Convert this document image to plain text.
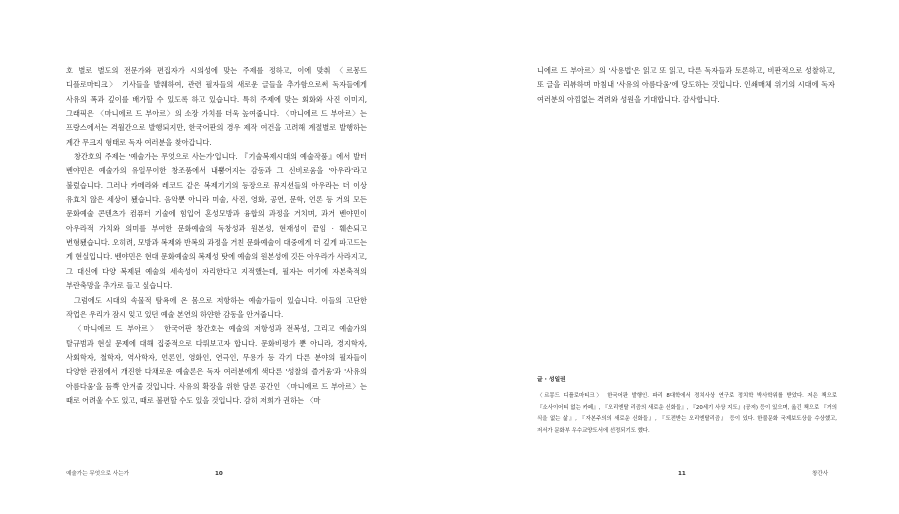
호 별로 별도의 전문가와 편집자가 시의성에 맞는 주제를 정하고, 이에 맞춰 〈르몽드 디플로마티크〉 기사들을 발췌하여, 관련 필자들의 새로운 글들을 추가함으로써 독자들에게 사유의 폭과 깊이를 배가할 수 있도록 하고 있습니다. 특히 주제에 맞는 회화와 사진 이미지, 그래픽은 〈마니에르 드 부아르〉의 소장 가치를 더욱 높여줍니다. 〈마니에르 드 부아르〉는 프랑스에서는 격월간으로 발행되지만, 한국어판의 경우 제작 여건을 고려해 계절별로 발행하는 계간 무크지 형태로 독자 여러분을 찾아갑니다.

창간호의 주제는 '예술가는 무엇으로 사는가'입니다. 『기술복제시대의 예술작품』에서 발터 벤야민은 예술가의 유일무이한 창조품에서 내뿜어지는 감동과 그 신비로움을 '아우라'라고 불렀습니다. 그러나 카메라와 레코드 같은 복제기기의 등장으로 뮤지션들의 아우라는 더 이상 유효치 않은 세상이 됐습니다. 음악뿐 아니라 미술, 사진, 영화, 공연, 문학, 언론 등 거의 모든 문화예술 콘텐츠가 컴퓨터 기술에 힘입어 혼성모방과 융합의 과정을 거치며, 과거 벤야민이 아우라적 가치와 의미를 부여한 문화예술의 독창성과 원본성, 현재성이 끝임 · 훼손되고 변형됐습니다. 오히려, 모방과 복제와 반복의 과정을 거친 문화예술이 대중에게 더 깊게 파고드는 게 현실입니다. 벤야민은 현대 문화예술의 복제성 탓에 예술의 원본성에 깃든 아우라가 사라지고, 그 대신에 다양 복제된 예술의 세속성이 자리한다고 지적했는데, 필자는 여기에 자본축적의 부란축망을 추가로 들고 싶습니다.

그럼에도 시대의 속물적 탐욕에 온 몸으로 저항하는 예술가들이 있습니다. 이들의 고단한 작업은 우리가 잠시 잊고 있던 예술 본연의 하얀한 감동을 안겨줍니다.

〈마니에르 드 부아르〉 한국어판 창간호는 예술의 저항성과 전복성, 그리고 예술가의 탈규범과 현실 문제에 대해 집중적으로 다뤄보고자 합니다. 문화비평가 뿐 아니라, 경지학자, 사회학자, 철학자, 역사학자, 언론인, 영화인, 연극인, 무용가 등 각기 다른 분야의 필자들이 다양한 관점에서 개진한 다채로운 예술론은 독자 여러분에게 색다른 '성찰의 즐거움'과 '사유의 아름다움'을 듬뿍 안겨줄 것입니다. 사유의 확장을 위한 담론 공간인 〈마니에르 드 부아르〉는 때로 어려울 수도 있고, 때로 불편할 수도 있을 것입니다. 감히 저희가 권하는 〈마

예술가는 무엇으로 사는가	10

니에르 드 부아르〉의 '사용법'은 읽고 또 읽고, 다른 독자들과 토론하고, 비판적으로 성찰하고, 또 글을 리뷰하며 마침내 '사유의 아름다움'에 당도하는 것입니다. 인쇄매체 위기의 시대에 독자 여러분의 아낌없는 격려와 성원을 기대합니다. 감사합니다.

글 · 성일권

〈르몽드 디플로마티크〉 한국어판 발행인. 파리 8대학에서 정치사상 연구로 정치학 박사학위를 받았다. 저은 책으로 『소사이어티 없는 카페』, 『오리엔탈 리즘의 새로운 신화들』, 『20세기 사상 지도』(공저) 등이 있으며, 옮긴 책으로 『거의 식을 없는 삶』, 『자본주의의 새로운 신화들』, 『도전받는 오리엔탈리즘』 등이 있다. 한불문화 국제보도상을 수상했고, 저서가 문화부 우수교양도서에 선정되기도 했다.

11	창간사
